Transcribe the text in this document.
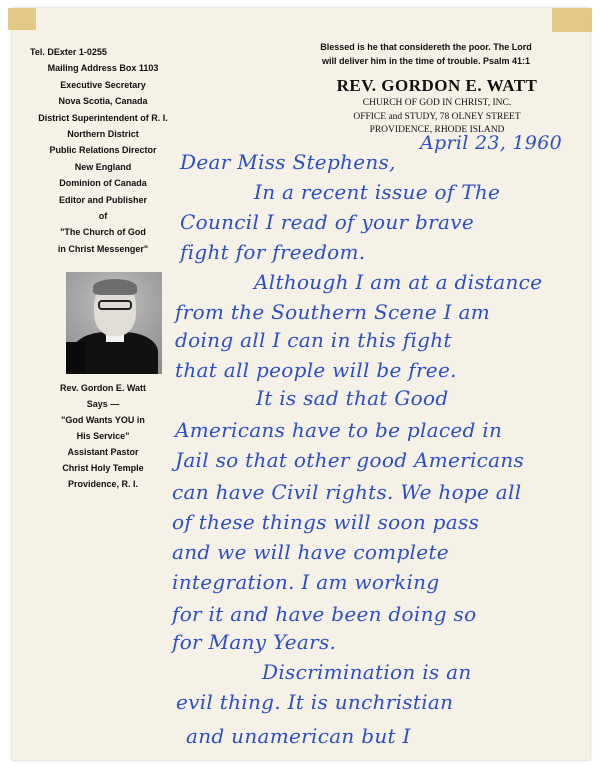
Tel. DExter 1-0255
Mailing Address Box 1103
Executive Secretary
Nova Scotia, Canada
District Superintendent of R. I.
Northern District
Public Relations Director
New England
Dominion of Canada
Editor and Publisher
of
"The Church of God
in Christ Messenger"
Rev. Gordon E. Watt
Says —
"God Wants YOU in
His Service"
Assistant Pastor
Christ Holy Temple
Providence, R. I.
Blessed is he that considereth the poor. The Lord
will deliver him in the time of trouble. Psalm 41:1
REV. GORDON E. WATT
CHURCH OF GOD IN CHRIST, INC.
OFFICE and STUDY, 78 OLNEY STREET
PROVIDENCE, RHODE ISLAND
April 23, 1960
Dear Miss Stephens,
In a recent issue of The
Council I read of your brave
fight for freedom.
Although I am at a distance
from the Southern Scene I am
doing all I can in this fight
that all people will be free.
It is sad that Good
Americans have to be placed in
Jail so that other good Americans
can have Civil rights. We hope all
of these things will soon pass
and we will have complete
integration. I am working
for it and have been doing so
for Many Years.
Discrimination is an
evil thing. It is unchristian
and unamerican but I
